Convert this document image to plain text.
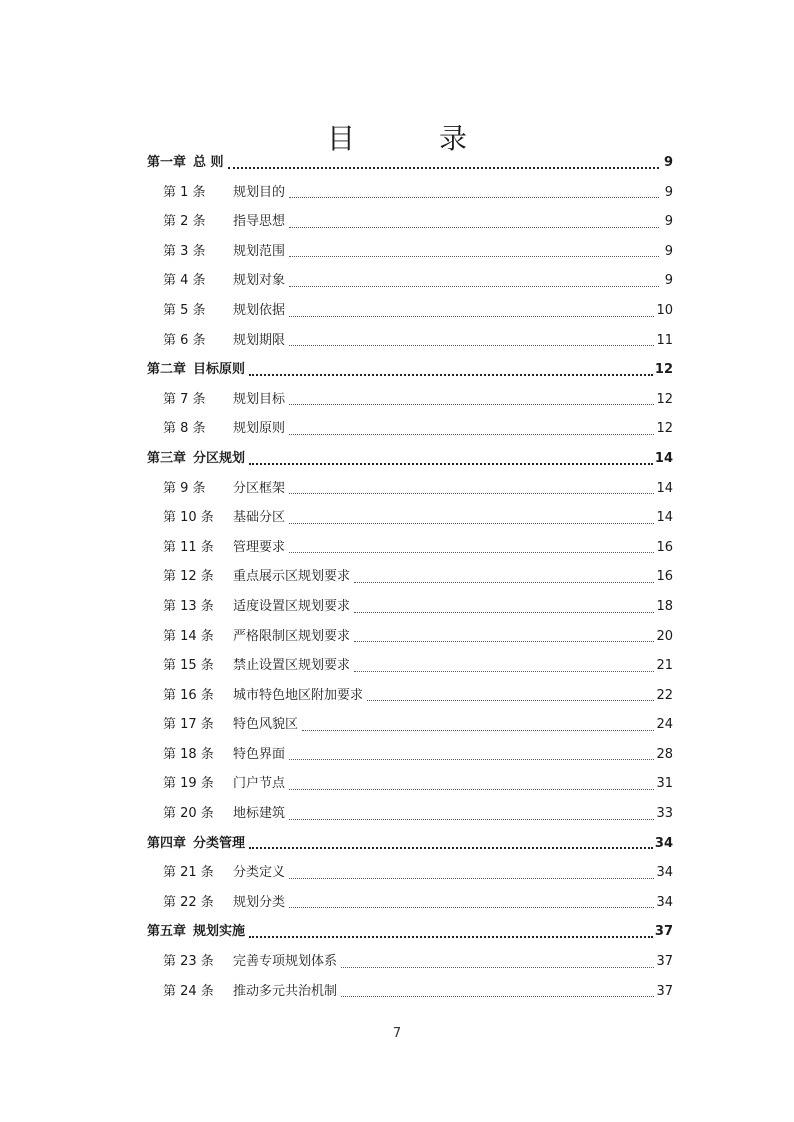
目　录
第一章 总 则	9
第 1 条	规划目的	9
第 2 条	指导思想	9
第 3 条	规划范围	9
第 4 条	规划对象	9
第 5 条	规划依据	10
第 6 条	规划期限	11
第二章 目标原则	12
第 7 条	规划目标	12
第 8 条	规划原则	12
第三章 分区规划	14
第 9 条	分区框架	14
第 10 条	基础分区	14
第 11 条	管理要求	16
第 12 条	重点展示区规划要求	16
第 13 条	适度设置区规划要求	18
第 14 条	严格限制区规划要求	20
第 15 条	禁止设置区规划要求	21
第 16 条	城市特色地区附加要求	22
第 17 条	特色风貌区	24
第 18 条	特色界面	28
第 19 条	门户节点	31
第 20 条	地标建筑	33
第四章 分类管理	34
第 21 条	分类定义	34
第 22 条	规划分类	34
第五章 规划实施	37
第 23 条	完善专项规划体系	37
第 24 条	推动多元共治机制	37
7
